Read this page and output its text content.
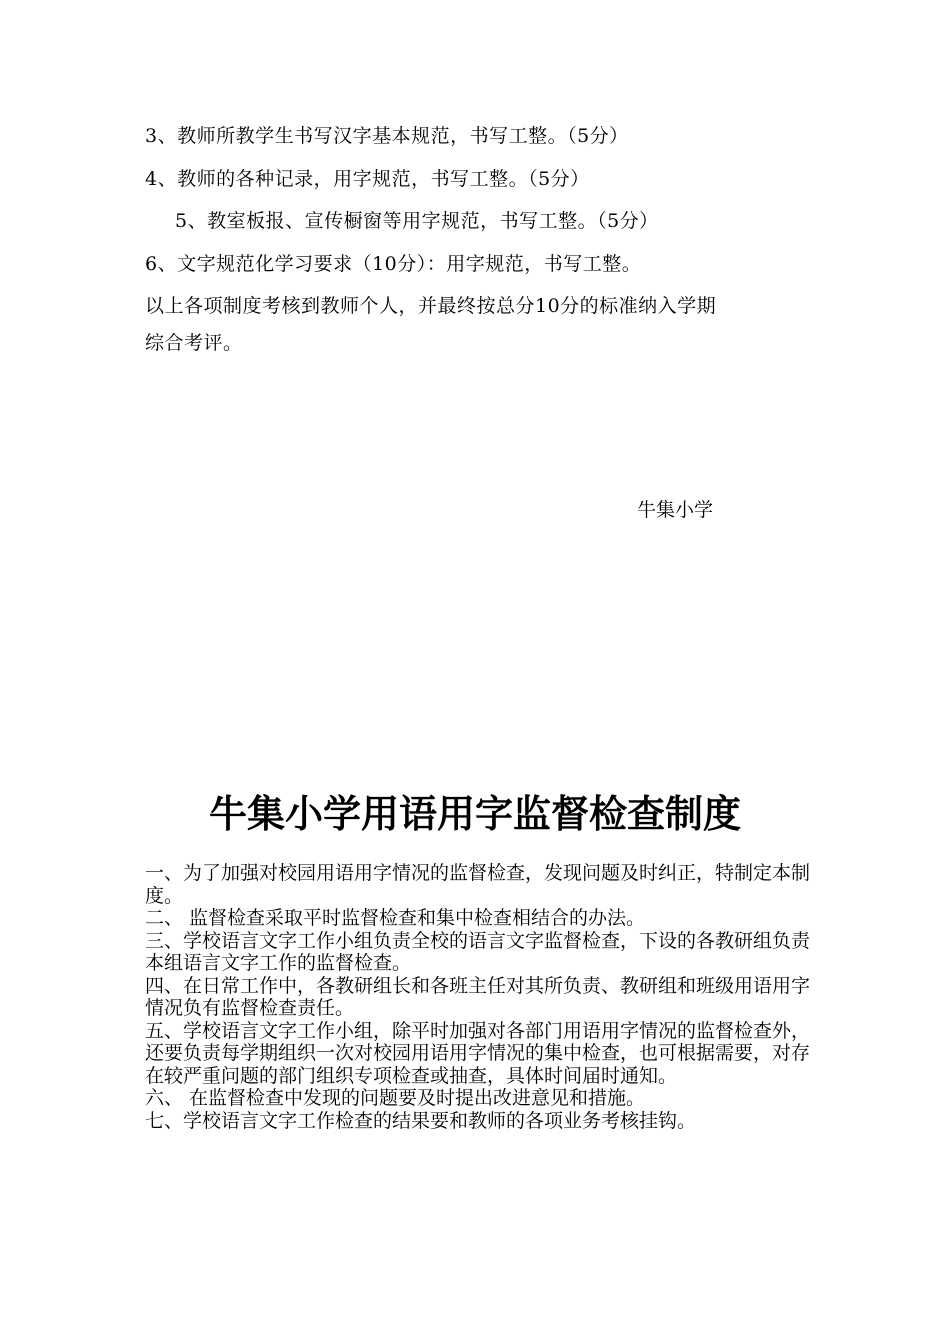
3、教师所教学生书写汉字基本规范，书写工整。（5分）

4、教师的各种记录，用字规范，书写工整。（5分）

5、教室板报、宣传橱窗等用字规范，书写工整。（5分）

6、文字规范化学习要求（10分）：用字规范，书写工整。

以上各项制度考核到教师个人，并最终按总分10分的标准纳入学期

综合考评。

牛集小学

牛集小学用语用字监督检查制度

一、为了加强对校园用语用字情况的监督检查，发现问题及时纠正，特制定本制度。

二、 监督检查采取平时监督检查和集中检查相结合的办法。

三、学校语言文字工作小组负责全校的语言文字监督检查，下设的各教研组负责本组语言文字工作的监督检查。

四、在日常工作中，各教研组长和各班主任对其所负责、教研组和班级用语用字情况负有监督检查责任。

五、学校语言文字工作小组，除平时加强对各部门用语用字情况的监督检查外，还要负责每学期组织一次对校园用语用字情况的集中检查，也可根据需要，对存在较严重问题的部门组织专项检查或抽查，具体时间届时通知。

六、 在监督检查中发现的问题要及时提出改进意见和措施。

七、学校语言文字工作检查的结果要和教师的各项业务考核挂钩。
